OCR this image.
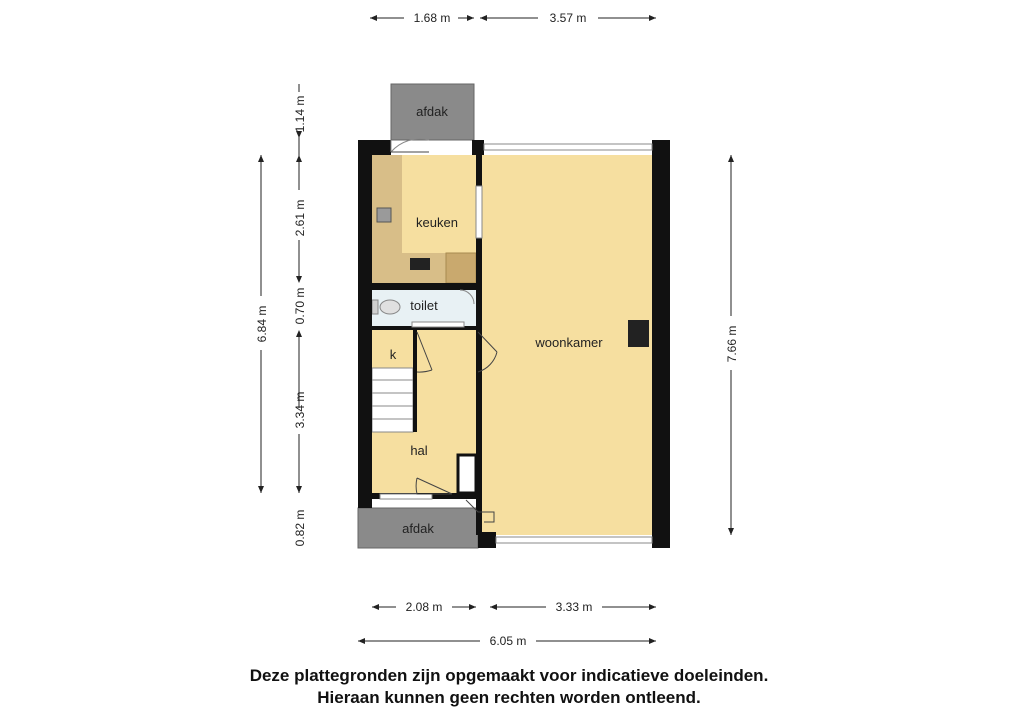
afdak
keuken
toilet
k
hal
woonkamer
afdak
1.68 m	3.57 m
1.14 m
2.61 m
0.70 m
3.34 m
0.82 m
6.84 m
7.66 m
2.08 m	3.33 m
6.05 m
Deze plattegronden zijn opgemaakt voor indicatieve doeleinden.
Hieraan kunnen geen rechten worden ontleend.
